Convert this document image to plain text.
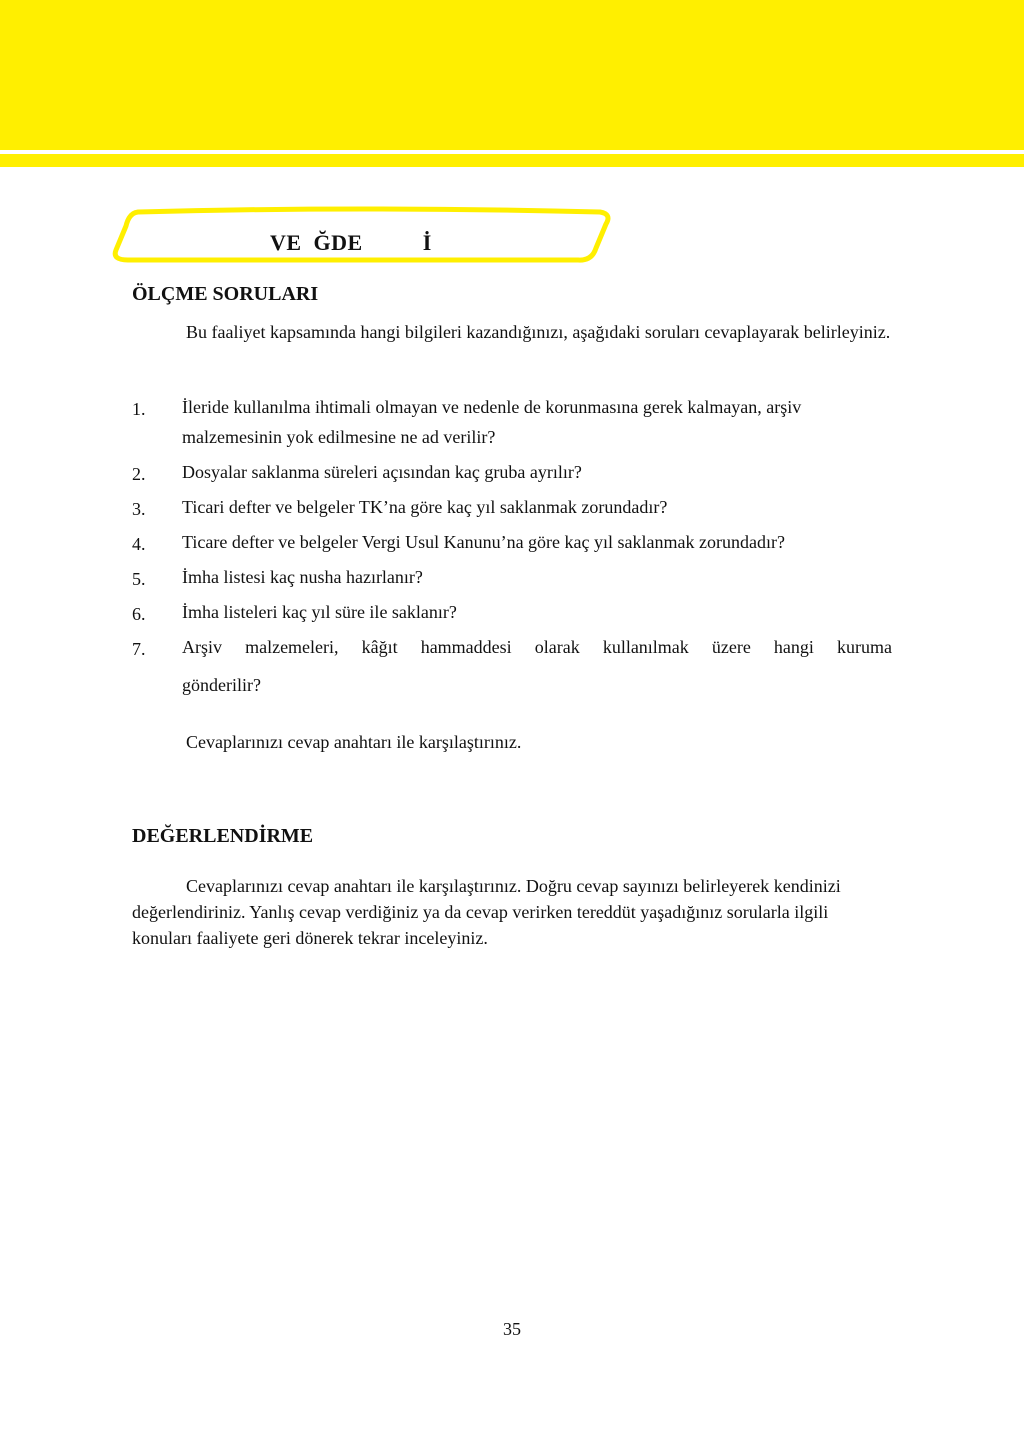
VE  ĞDE          İ
ÖLÇME SORULARI
Bu faaliyet kapsamında hangi bilgileri kazandığınızı, aşağıdaki soruları cevaplayarak belirleyiniz.
1. İleride kullanılma ihtimali olmayan ve nedenle de korunmasına gerek kalmayan, arşiv malzemesinin yok edilmesine ne ad verilir?
2. Dosyalar saklanma süreleri açısından kaç gruba ayrılır?
3. Ticari defter ve belgeler TK’na göre kaç yıl saklanmak zorundadır?
4. Ticare defter ve belgeler Vergi Usul Kanunu’na göre kaç yıl saklanmak zorundadır?
5. İmha listesi kaç nusha hazırlanır?
6. İmha listeleri kaç yıl süre ile saklanır?
7. Arşiv malzemeleri, kâğıt hammaddesi olarak kullanılmak üzere hangi kuruma
gönderilir?
Cevaplarınızı cevap anahtarı ile karşılaştırınız.
DEĞERLENDİRME
Cevaplarınızı cevap anahtarı ile karşılaştırınız. Doğru cevap sayınızı belirleyerek kendinizi değerlendiriniz. Yanlış cevap verdiğiniz ya da cevap verirken tereddüt yaşadığınız sorularla ilgili konuları faaliyete geri dönerek tekrar inceleyiniz.
35
